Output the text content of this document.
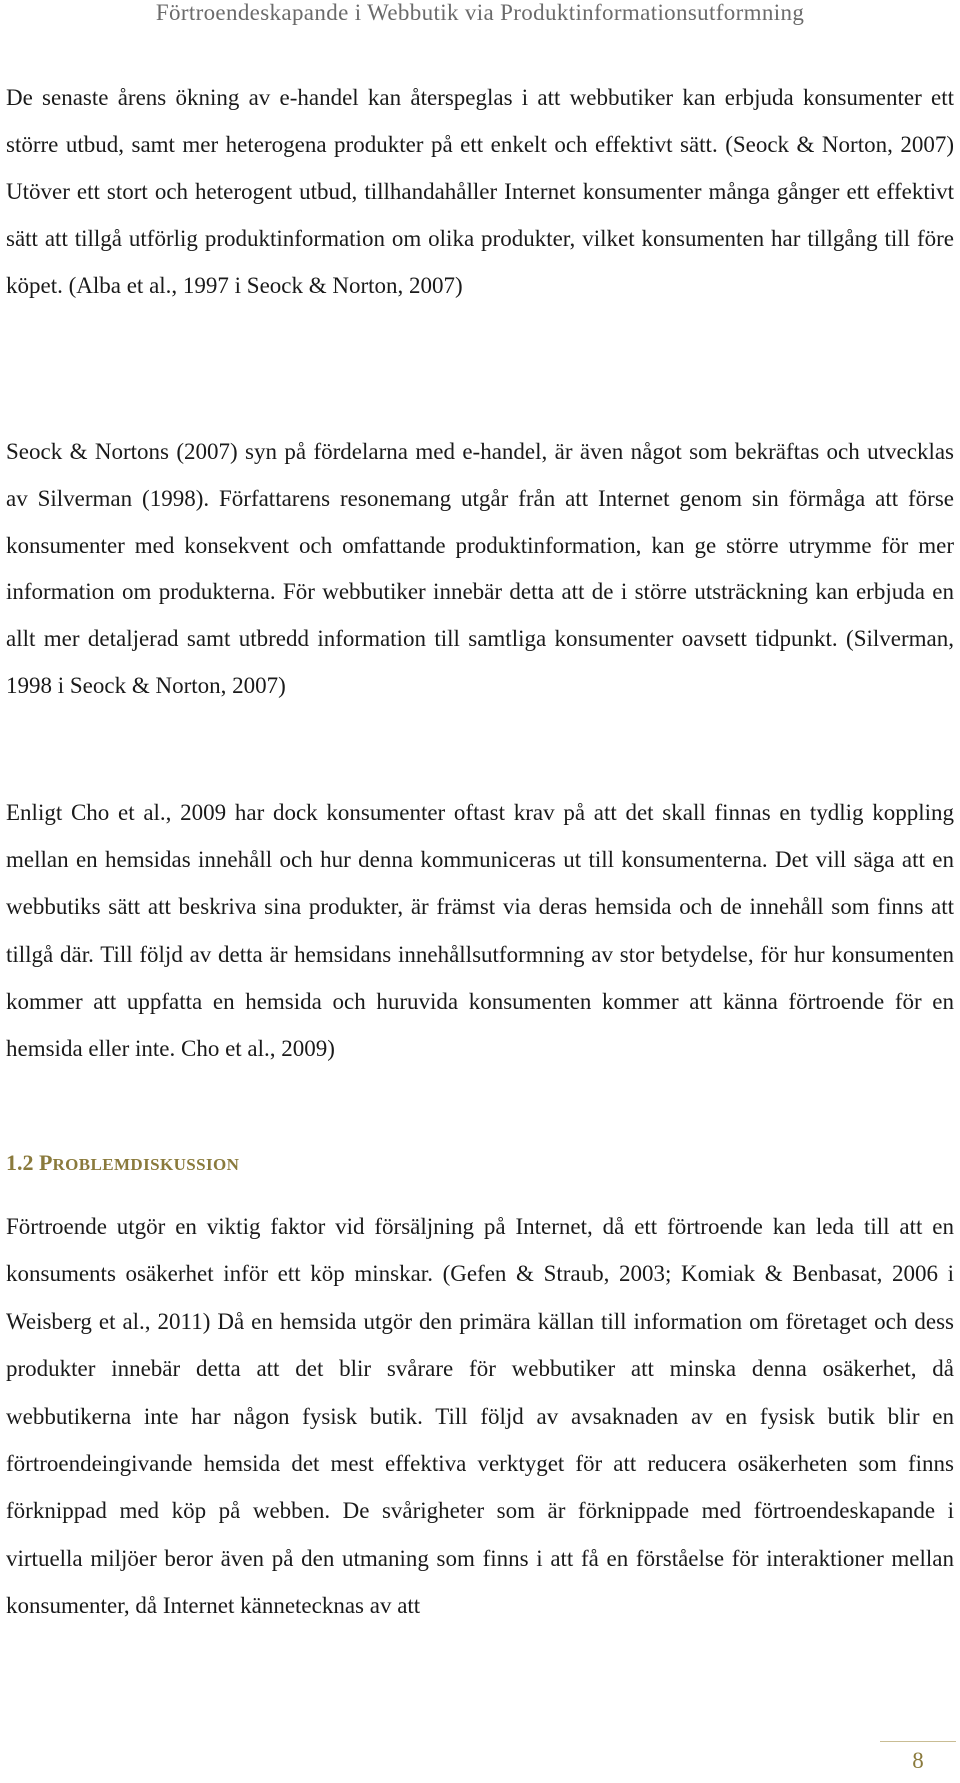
Förtroendeskapande i Webbutik via Produktinformationsutformning

De senaste årens ökning av e-handel kan återspeglas i att webbutiker kan erbjuda konsumenter ett större utbud, samt mer heterogena produkter på ett enkelt och effektivt sätt. (Seock & Norton, 2007) Utöver ett stort och heterogent utbud, tillhandahåller Internet konsumenter många gånger ett effektivt sätt att tillgå utförlig produktinformation om olika produkter, vilket konsumenten har tillgång till före köpet. (Alba et al., 1997 i Seock & Norton, 2007)

Seock & Nortons (2007) syn på fördelarna med e-handel, är även något som bekräftas och utvecklas av Silverman (1998). Författarens resonemang utgår från att Internet genom sin förmåga att förse konsumenter med konsekvent och omfattande produktinformation, kan ge större utrymme för mer information om produkterna. För webbutiker innebär detta att de i större utsträckning kan erbjuda en allt mer detaljerad samt utbredd information till samtliga konsumenter oavsett tidpunkt. (Silverman, 1998 i Seock & Norton, 2007)

Enligt Cho et al., 2009 har dock konsumenter oftast krav på att det skall finnas en tydlig koppling mellan en hemsidas innehåll och hur denna kommuniceras ut till konsumenterna. Det vill säga att en webbutiks sätt att beskriva sina produkter, är främst via deras hemsida och de innehåll som finns att tillgå där. Till följd av detta är hemsidans innehållsutformning av stor betydelse, för hur konsumenten kommer att uppfatta en hemsida och huruvida konsumenten kommer att känna förtroende för en hemsida eller inte. Cho et al., 2009)

1.2 PROBLEMDISKUSSION

Förtroende utgör en viktig faktor vid försäljning på Internet, då ett förtroende kan leda till att en konsuments osäkerhet inför ett köp minskar. (Gefen & Straub, 2003; Komiak & Benbasat, 2006 i Weisberg et al., 2011) Då en hemsida utgör den primära källan till information om företaget och dess produkter innebär detta att det blir svårare för webbutiker att minska denna osäkerhet, då webbutikerna inte har någon fysisk butik. Till följd av avsaknaden av en fysisk butik blir en förtroendeingivande hemsida det mest effektiva verktyget för att reducera osäkerheten som finns förknippad med köp på webben. De svårigheter som är förknippade med förtroendeskapande i virtuella miljöer beror även på den utmaning som finns i att få en förståelse för interaktioner mellan konsumenter, då Internet kännetecknas av att

8
